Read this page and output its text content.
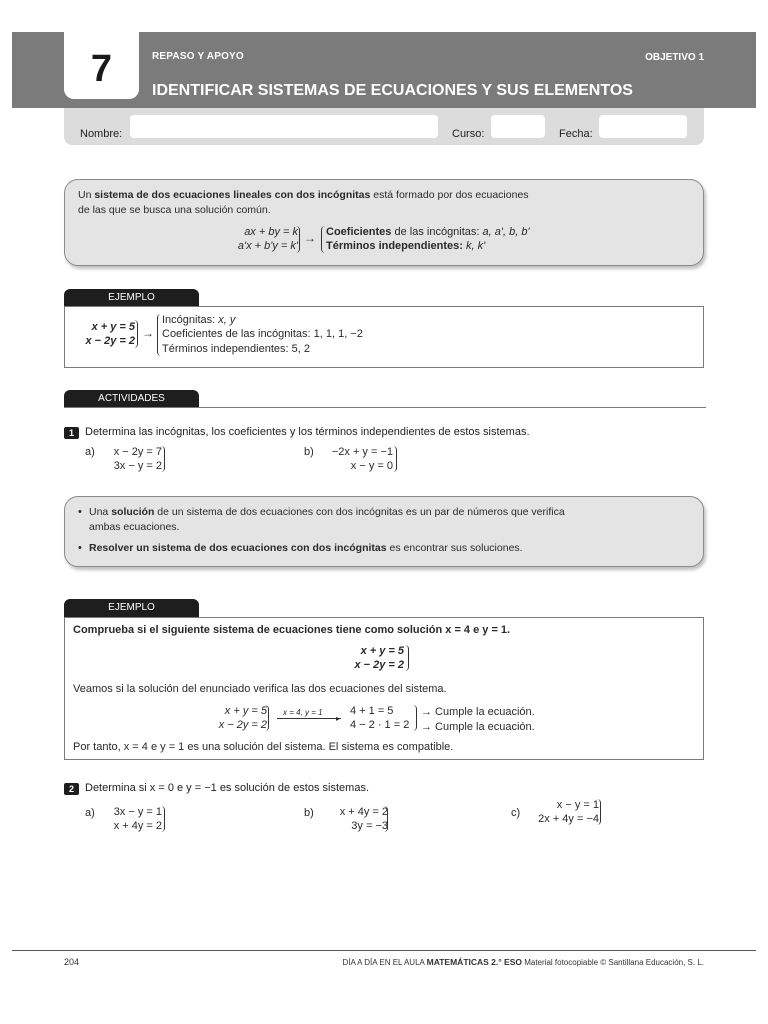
7	REPASO Y APOYO	OBJETIVO 1
IDENTIFICAR SISTEMAS DE ECUACIONES Y SUS ELEMENTOS
Nombre:	Curso:	Fecha:
Un sistema de dos ecuaciones lineales con dos incógnitas está formado por dos ecuaciones
de las que se busca una solución común.
ax + by = k
a'x + b'y = k'
→ Coeficientes de las incógnitas: a, a', b, b'
Términos independientes: k, k'
EJEMPLO
x + y = 5
x − 2y = 2
→
Incógnitas: x, y
Coeficientes de las incógnitas: 1, 1, 1, −2
Términos independientes: 5, 2
ACTIVIDADES
1	Determina las incógnitas, los coeficientes y los términos independientes de estos sistemas.
a) x − 2y = 7
3x − y = 2
b) −2x + y = −1
x − y = 0
• Una solución de un sistema de dos ecuaciones con dos incógnitas es un par de números que verifica
ambas ecuaciones.
• Resolver un sistema de dos ecuaciones con dos incógnitas es encontrar sus soluciones.
EJEMPLO
Comprueba si el siguiente sistema de ecuaciones tiene como solución x = 4 e y = 1.
x + y = 5
x − 2y = 2
Veamos si la solución del enunciado verifica las dos ecuaciones del sistema.
x + y = 5
x − 2y = 2
x = 4, y = 1
▸
4 + 1 = 5
4 − 2 · 1 = 2
→ Cumple la ecuación.
→ Cumple la ecuación.
Por tanto, x = 4 e y = 1 es una solución del sistema. El sistema es compatible.
2	Determina si x = 0 e y = −1 es solución de estos sistemas.
a) 3x − y = 1
x + 4y = 2
b) x + 4y = 2
3y = −3
c)
x − y = 1
2x + 4y = −4
204	DÍA A DÍA EN EL AULA MATEMÁTICAS 2.° ESO Material fotocopiable © Santillana Educación, S. L.
